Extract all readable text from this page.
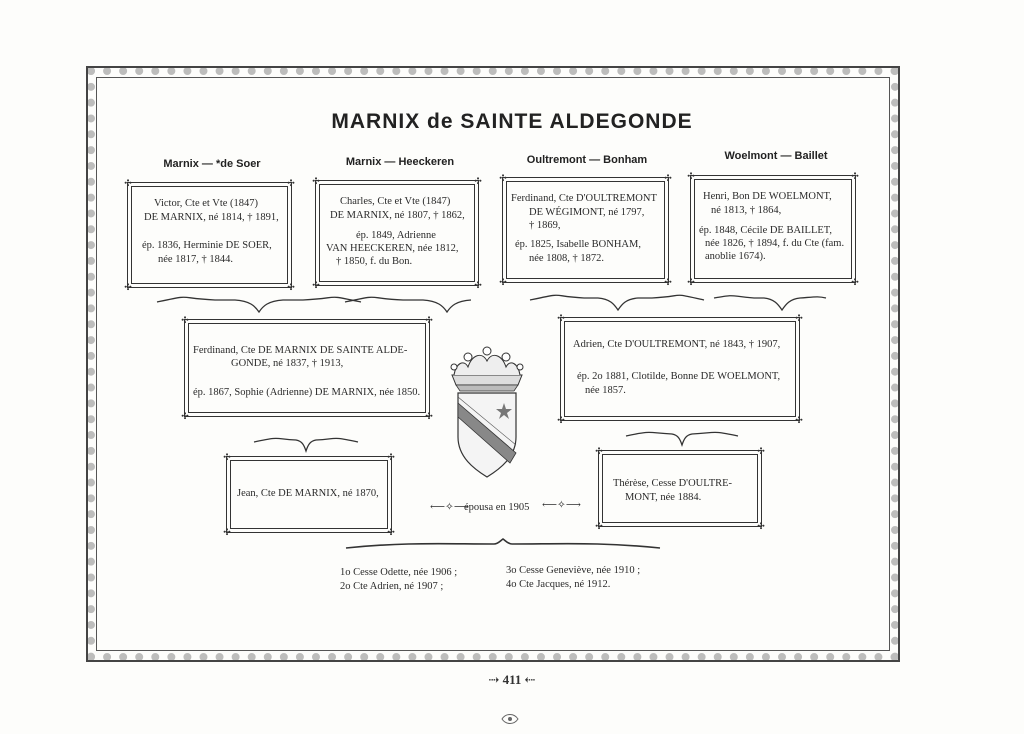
MARNIX de SAINTE ALDEGONDE
Marnix — *de Soer	Marnix — Heeckeren	Oultremont — Bonham	Woelmont — Baillet
✣	✣
✣	✣
Victor, Cte et Vte (1847)
DE MARNIX, né 1814, † 1891,
ép. 1836, Herminie DE SOER,
née 1817, † 1844.
✣	✣
✣	✣
Charles, Cte et Vte (1847)
DE MARNIX, né 1807, † 1862,
ép. 1849, Adrienne
VAN HEECKEREN, née 1812,
† 1850, f. du Bon.
✣	✣
✣	✣
Ferdinand, Cte D'OULTREMONT
DE WÉGIMONT, né 1797,
† 1869,
ép. 1825, Isabelle BONHAM,
née 1808, † 1872.
✣	✣
✣	✣
Henri, Bon DE WOELMONT,
né 1813, † 1864,
ép. 1848, Cécile DE BAILLET,
née 1826, † 1894, f. du Cte (fam.
anoblie 1674).
✣	✣
✣	✣
Ferdinand, Cte DE MARNIX DE SAINTE ALDE-
GONDE, né 1837, † 1913,
ép. 1867, Sophie (Adrienne) DE MARNIX, née 1850.
✣	✣
✣	✣
Adrien, Cte D'OULTREMONT, né 1843, † 1907,
ép. 2o 1881, Clotilde, Bonne DE WOELMONT,
née 1857.
✣	✣
✣	✣
Jean, Cte DE MARNIX, né 1870,
⟵✧⟶
épousa en 1905 ⟵✧⟶
✣	✣
✣	✣
Thérèse, Cesse D'OULTRE-
MONT, née 1884.
1o Cesse Odette, née 1906 ;
2o Cte Adrien, né 1907 ;
3o Cesse Geneviève, née 1910 ;
4o Cte Jacques, né 1912.
⇢ 411 ⇠
